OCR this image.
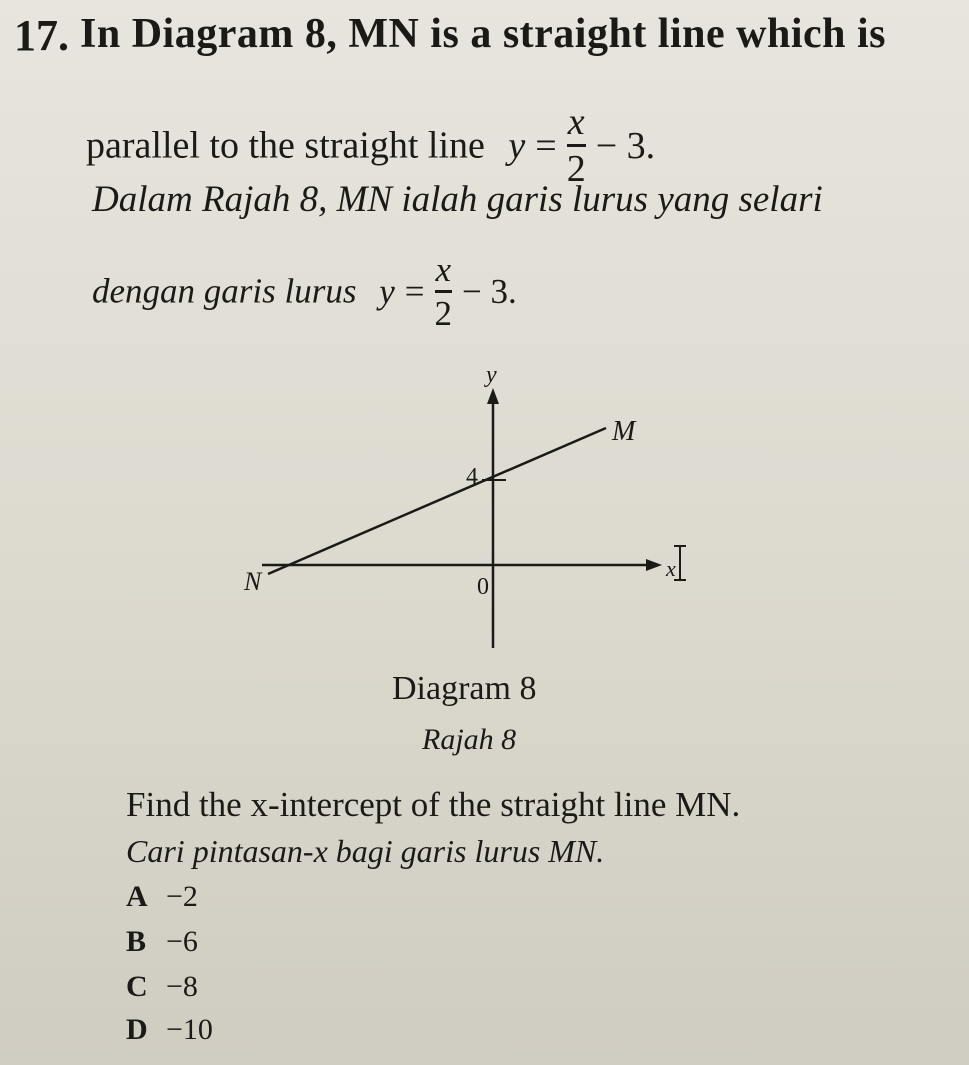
17. In Diagram 8, MN is a straight line which is
parallel to the straight line $y = \frac{x}{2} - 3$ .
Dalam Rajah 8, MN ialah garis lurus yang selari
dengan garis lurus $y = \frac{x}{2} - 3$ .
y
x
0
4
M
N
Diagram 8
Rajah 8
Find the x-intercept of the straight line MN.
Cari pintasan-x bagi garis lurus MN.
A −2
B −6
C −8
D −10
